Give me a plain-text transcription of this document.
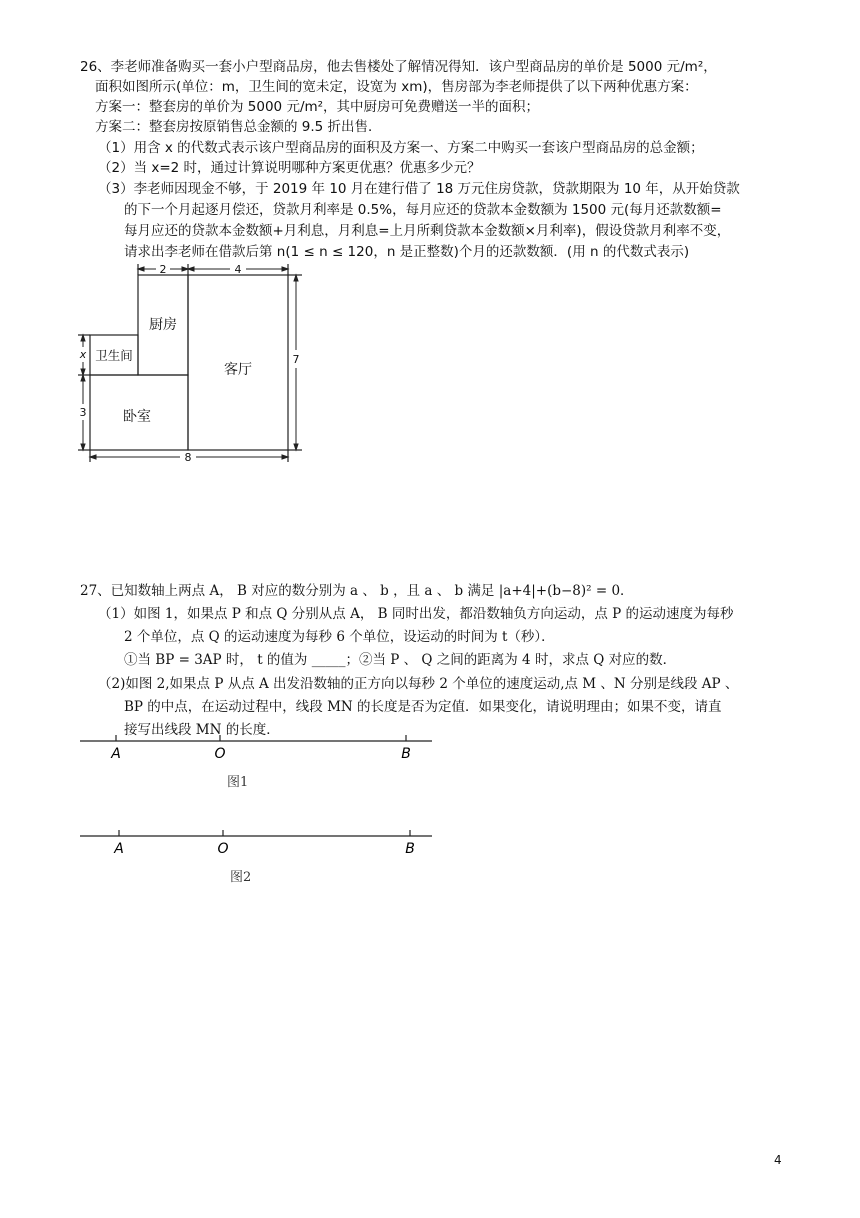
26、李老师准备购买一套小户型商品房，他去售楼处了解情况得知．该户型商品房的单价是 5000 元/m²，
面积如图所示(单位：m，卫生间的宽未定，设宽为 xm)，售房部为李老师提供了以下两种优惠方案：
方案一：整套房的单价为 5000 元/m²，其中厨房可免费赠送一半的面积；
方案二：整套房按原销售总金额的 9.5 折出售．
（1）用含 x 的代数式表示该户型商品房的面积及方案一、方案二中购买一套该户型商品房的总金额；
（2）当 x=2 时，通过计算说明哪种方案更优惠？优惠多少元？
（3）李老师因现金不够，于 2019 年 10 月在建行借了 18 万元住房贷款，贷款期限为 10 年，从开始贷款
的下一个月起逐月偿还，贷款月利率是 0.5%，每月应还的贷款本金数额为 1500 元(每月还款数额=
每月应还的贷款本金数额+月利息，月利息=上月所剩贷款本金数额×月利率)，假设贷款月利率不变，
请求出李老师在借款后第 n(1 ≤ n ≤ 120，n 是正整数)个月的还款数额．(用 n 的代数式表示)
厨房
卫生间
客厅
卧室
2	4
x
3
7
8
27、已知数轴上两点 A， B 对应的数分别为 a 、 b ，且 a 、 b 满足 |a+4|+(b−8)² = 0．
（1）如图 1，如果点 P 和点 Q 分别从点 A， B 同时出发，都沿数轴负方向运动，点 P 的运动速度为每秒
2 个单位，点 Q 的运动速度为每秒 6 个单位，设运动的时间为 t（秒）．
①当 BP = 3AP 时， t 的值为 _____；②当 P 、 Q 之间的距离为 4 时，求点 Q 对应的数．
（2)如图 2,如果点 P 从点 A 出发沿数轴的正方向以每秒 2 个单位的速度运动,点 M 、N 分别是线段 AP 、
BP 的中点，在运动过程中，线段 MN 的长度是否为定值．如果变化，请说明理由；如果不变，请直
接写出线段 MN 的长度．
A	O	B
图1
A	O	B
图2
4
